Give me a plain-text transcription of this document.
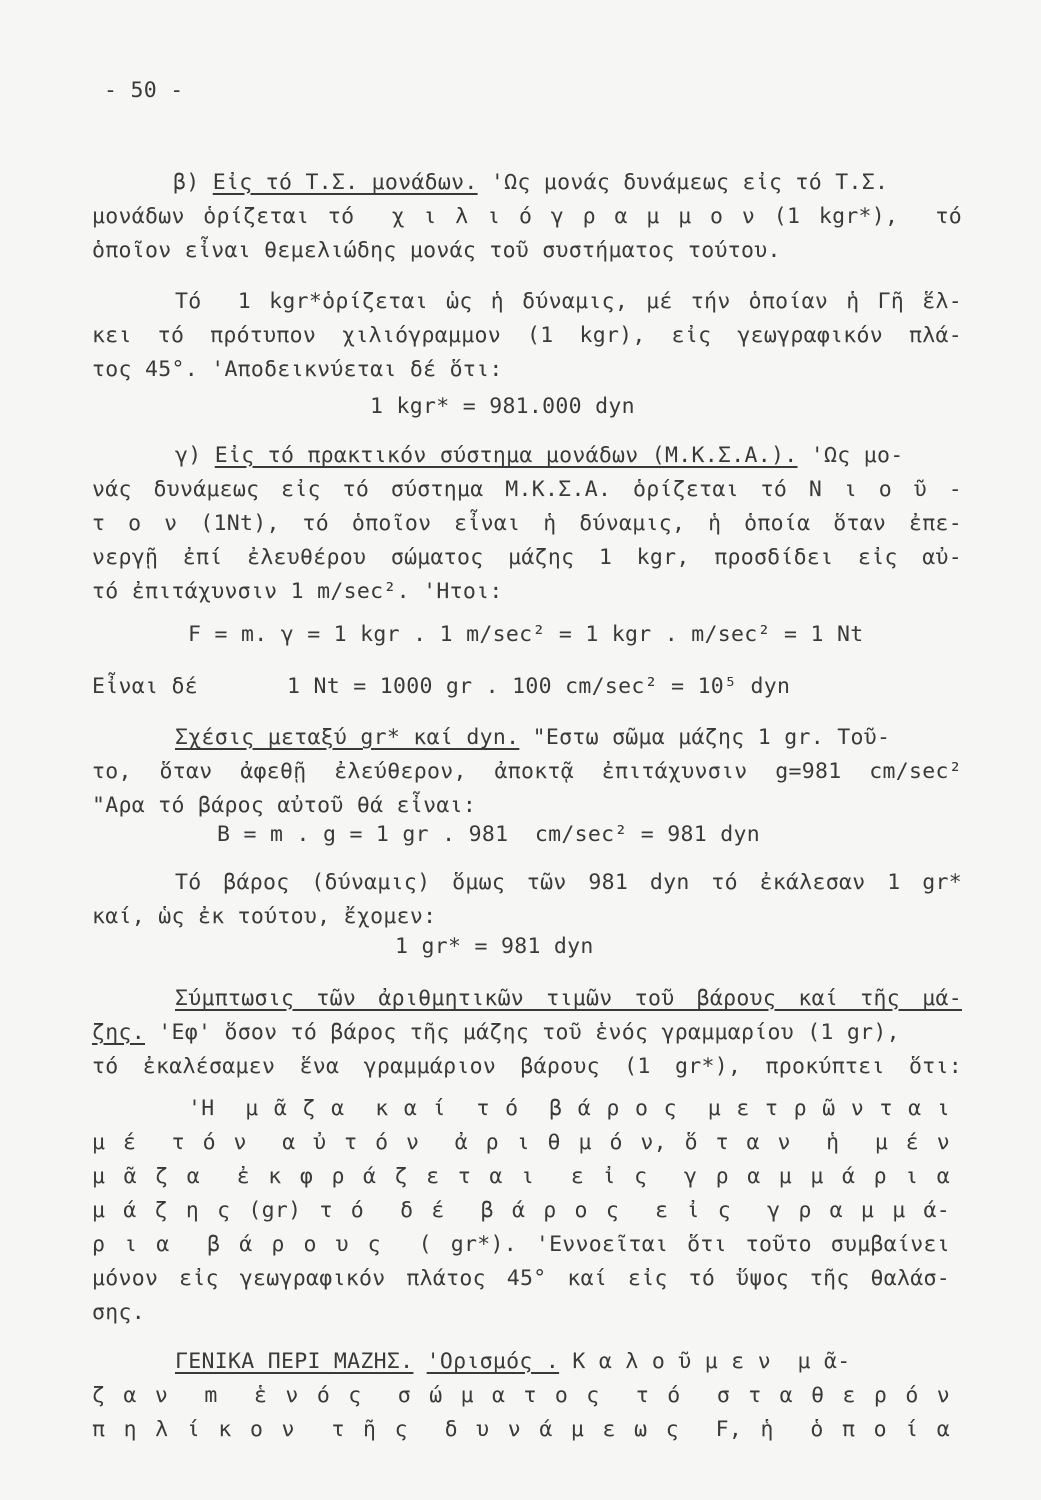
- 50 -
β) Εἰς τό Τ.Σ. μονάδων. 'Ως μονάς δυνάμεως εἰς τό Τ.Σ.
μονάδων ὁρίζεται τό  χ ι λ ι ό γ ρ α μ μ ο ν (1 kgr*),  τό
ὁποῖον εἶναι θεμελιώδης μονάς τοῦ συστήματος τούτου.
Τό  1 kgr*ὁρίζεται ὡς ἡ δύναμις, μέ τήν ὁποίαν ἡ Γῆ ἕλ-
κει τό πρότυπον χιλιόγραμμον (1 kgr), εἰς γεωγραφικόν πλά-
τος 45°. 'Αποδεικνύεται δέ ὅτι:
1 kgr* = 981.000 dyn
γ) Εἰς τό πρακτικόν σύστημα μονάδων (Μ.Κ.Σ.Α.). 'Ως μο-
νάς δυνάμεως εἰς τό σύστημα Μ.Κ.Σ.Α. ὁρίζεται τό Ν ι ο ῦ -
τ ο ν (1Nt), τό ὁποῖον εἶναι ἡ δύναμις, ἡ ὁποία ὅταν ἐπε-
νεργῇ ἐπί ἐλευθέρου σώματος μάζης 1 kgr, προσδίδει εἰς αὐ-
τό ἐπιτάχυνσιν 1 m/sec². 'Ητοι:
F = m. γ = 1 kgr . 1 m/sec² = 1 kgr . m/sec² = 1 Nt
Εἶναι δέ	1 Nt = 1000 gr . 100 cm/sec² = 10⁵ dyn
Σχέσις μεταξύ gr* καί dyn. "Εστω σῶμα μάζης 1 gr. Τοῦ-
το, ὅταν ἀφεθῇ ἐλεύθερον, ἀποκτᾷ ἐπιτάχυνσιν g=981 cm/sec²
"Αρα τό βάρος αὐτοῦ θά εἶναι:
B = m . g = 1 gr . 981  cm/sec² = 981 dyn
Τό βάρος (δύναμις) ὅμως τῶν 981 dyn τό ἐκάλεσαν 1 gr*
καί, ὡς ἐκ τούτου, ἔχομεν:
1 gr* = 981 dyn
Σύμπτωσις τῶν ἀριθμητικῶν τιμῶν τοῦ βάρους καί τῆς μά-
ζης. 'Εφ' ὅσον τό βάρος τῆς μάζης τοῦ ἑνός γραμμαρίου (1 gr),
τό ἐκαλέσαμεν ἕνα γραμμάριον βάρους (1 gr*), προκύπτει ὅτι:
'Η  μ ᾶ ζ α  κ α ί  τ ό  β ά ρ ο ς  μ ε τ ρ ῶ ν τ α ι
μ έ  τ ό ν  α ὐ τ ό ν  ἀ ρ ι θ μ ό ν, ὅ τ α ν  ἡ  μ έ ν
μ ᾶ ζ α  ἐ κ φ ρ ά ζ ε τ α ι  ε ἰ ς  γ ρ α μ μ ά ρ ι α
μ ά ζ η ς (gr) τ ό  δ έ  β ά ρ ο ς  ε ἰ ς  γ ρ α μ μ ά-
ρ ι α  β ά ρ ο υ ς  ( gr*). 'Εννοεῖται ὅτι τοῦτο συμβαίνει
μόνον εἰς γεωγραφικόν πλάτος 45° καί εἰς τό ὕψος τῆς θαλάσ-
σης.
ΓΕΝΙΚΑ ΠΕΡΙ ΜΑΖΗΣ. 'Ορισμός . Κ α λ ο ῦ μ ε ν  μ ᾶ-
ζ α ν  m  ἑ ν ό ς  σ ώ μ α τ ο ς  τ ό  σ τ α θ ε ρ ό ν
π η λ ί κ ο ν  τ ῆ ς  δ υ ν ά μ ε ω ς  F, ἡ  ὁ π ο ί α
